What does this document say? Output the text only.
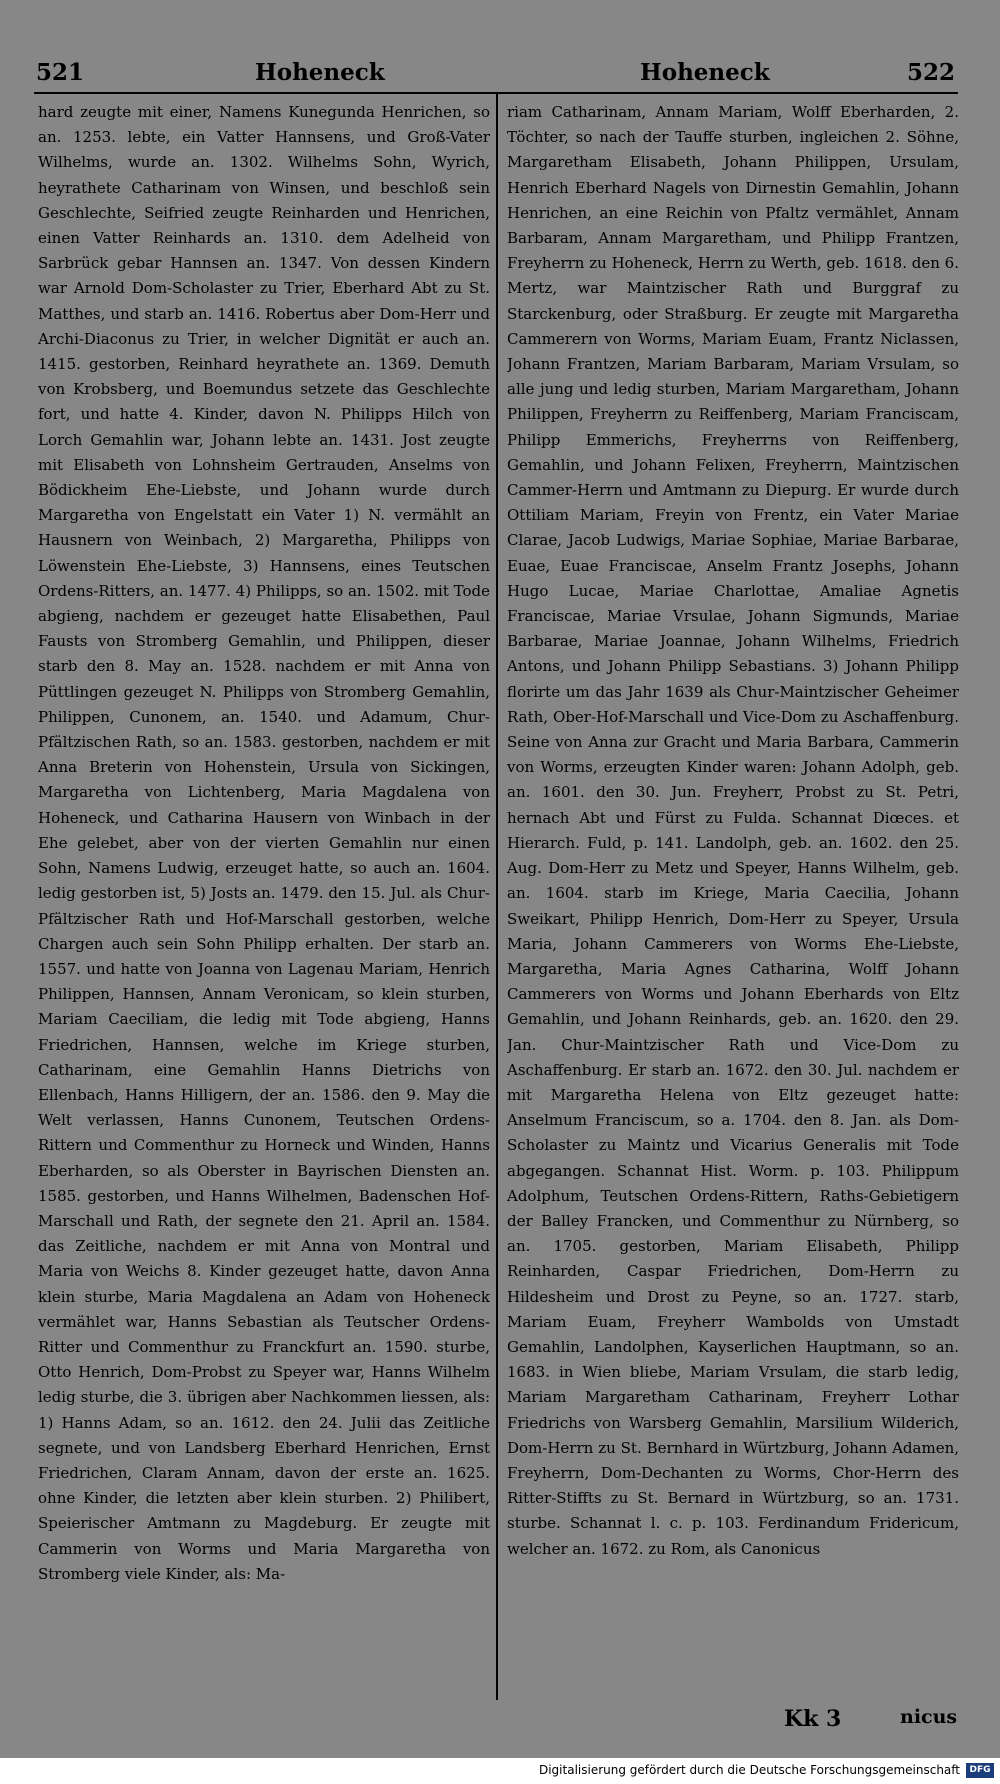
521	Hoheneck	Hoheneck	522

hard zeugte mit einer, Namens Kunegunda Henrichen, so an. 1253. lebte, ein Vatter Hannsens, und Groß-Vater Wilhelms, wurde an. 1302. Wilhelms Sohn, Wyrich, heyrathete Catharinam von Winsen, und beschloß sein Geschlechte, Seifried zeugte Reinharden und Henrichen, einen Vatter Reinhards an. 1310. dem Adelheid von Sarbrück gebar Hannsen an. 1347. Von dessen Kindern war Arnold Dom-Scholaster zu Trier, Eberhard Abt zu St. Matthes, und starb an. 1416. Robertus aber Dom-Herr und Archi-Diaconus zu Trier, in welcher Dignität er auch an. 1415. gestorben, Reinhard heyrathete an. 1369. Demuth von Krobsberg, und Boemundus setzete das Geschlechte fort, und hatte 4. Kinder, davon N. Philipps Hilch von Lorch Gemahlin war, Johann lebte an. 1431. Jost zeugte mit Elisabeth von Lohnsheim Gertrauden, Anselms von Bödickheim Ehe-Liebste, und Johann wurde durch Margaretha von Engelstatt ein Vater 1) N. vermählt an Hausnern von Weinbach, 2) Margaretha, Philipps von Löwenstein Ehe-Liebste, 3) Hannsens, eines Teutschen Ordens-Ritters, an. 1477. 4) Philipps, so an. 1502. mit Tode abgieng, nachdem er gezeuget hatte Elisabethen, Paul Fausts von Stromberg Gemahlin, und Philippen, dieser starb den 8. May an. 1528. nachdem er mit Anna von Püttlingen gezeuget N. Philipps von Stromberg Gemahlin, Philippen, Cunonem, an. 1540. und Adamum, Chur-Pfältzischen Rath, so an. 1583. gestorben, nachdem er mit Anna Breterin von Hohenstein, Ursula von Sickingen, Margaretha von Lichtenberg, Maria Magdalena von Hoheneck, und Catharina Hausern von Winbach in der Ehe gelebet, aber von der vierten Gemahlin nur einen Sohn, Namens Ludwig, erzeuget hatte, so auch an. 1604. ledig gestorben ist, 5) Josts an. 1479. den 15. Jul. als Chur-Pfältzischer Rath und Hof-Marschall gestorben, welche Chargen auch sein Sohn Philipp erhalten. Der starb an. 1557. und hatte von Joanna von Lagenau Mariam, Henrich Philippen, Hannsen, Annam Veronicam, so klein sturben, Mariam Caeciliam, die ledig mit Tode abgieng, Hanns Friedrichen, Hannsen, welche im Kriege sturben, Catharinam, eine Gemahlin Hanns Dietrichs von Ellenbach, Hanns Hilligern, der an. 1586. den 9. May die Welt verlassen, Hanns Cunonem, Teutschen Ordens-Rittern und Commenthur zu Horneck und Winden, Hanns Eberharden, so als Oberster in Bayrischen Diensten an. 1585. gestorben, und Hanns Wilhelmen, Badenschen Hof-Marschall und Rath, der segnete den 21. April an. 1584. das Zeitliche, nachdem er mit Anna von Montral und Maria von Weichs 8. Kinder gezeuget hatte, davon Anna klein sturbe, Maria Magdalena an Adam von Hoheneck vermählet war, Hanns Sebastian als Teutscher Ordens-Ritter und Commenthur zu Franckfurt an. 1590. sturbe, Otto Henrich, Dom-Probst zu Speyer war, Hanns Wilhelm ledig sturbe, die 3. übrigen aber Nachkommen liessen, als: 1) Hanns Adam, so an. 1612. den 24. Julii das Zeitliche segnete, und von Landsberg Eberhard Henrichen, Ernst Friedrichen, Claram Annam, davon der erste an. 1625. ohne Kinder, die letzten aber klein sturben. 2) Philibert, Speierischer Amtmann zu Magdeburg. Er zeugte mit Cammerin von Worms und Maria Margaretha von Stromberg viele Kinder, als: Ma-

riam Catharinam, Annam Mariam, Wolff Eberharden, 2. Töchter, so nach der Tauffe sturben, ingleichen 2. Söhne, Margaretham Elisabeth, Johann Philippen, Ursulam, Henrich Eberhard Nagels von Dirnestin Gemahlin, Johann Henrichen, an eine Reichin von Pfaltz vermählet, Annam Barbaram, Annam Margaretham, und Philipp Frantzen, Freyherrn zu Hoheneck, Herrn zu Werth, geb. 1618. den 6. Mertz, war Maintzischer Rath und Burggraf zu Starckenburg, oder Straßburg. Er zeugte mit Margaretha Cammerern von Worms, Mariam Euam, Frantz Niclassen, Johann Frantzen, Mariam Barbaram, Mariam Vrsulam, so alle jung und ledig sturben, Mariam Margaretham, Johann Philippen, Freyherrn zu Reiffenberg, Mariam Franciscam, Philipp Emmerichs, Freyherrns von Reiffenberg, Gemahlin, und Johann Felixen, Freyherrn, Maintzischen Cammer-Herrn und Amtmann zu Diepurg. Er wurde durch Ottiliam Mariam, Freyin von Frentz, ein Vater Mariae Clarae, Jacob Ludwigs, Mariae Sophiae, Mariae Barbarae, Euae, Euae Franciscae, Anselm Frantz Josephs, Johann Hugo Lucae, Mariae Charlottae, Amaliae Agnetis Franciscae, Mariae Vrsulae, Johann Sigmunds, Mariae Barbarae, Mariae Joannae, Johann Wilhelms, Friedrich Antons, und Johann Philipp Sebastians. 3) Johann Philipp florirte um das Jahr 1639 als Chur-Maintzischer Geheimer Rath, Ober-Hof-Marschall und Vice-Dom zu Aschaffenburg. Seine von Anna zur Gracht und Maria Barbara, Cammerin von Worms, erzeugten Kinder waren: Johann Adolph, geb. an. 1601. den 30. Jun. Freyherr, Probst zu St. Petri, hernach Abt und Fürst zu Fulda. Schannat Diœces. et Hierarch. Fuld, p. 141. Landolph, geb. an. 1602. den 25. Aug. Dom-Herr zu Metz und Speyer, Hanns Wilhelm, geb. an. 1604. starb im Kriege, Maria Caecilia, Johann Sweikart, Philipp Henrich, Dom-Herr zu Speyer, Ursula Maria, Johann Cammerers von Worms Ehe-Liebste, Margaretha, Maria Agnes Catharina, Wolff Johann Cammerers von Worms und Johann Eberhards von Eltz Gemahlin, und Johann Reinhards, geb. an. 1620. den 29. Jan. Chur-Maintzischer Rath und Vice-Dom zu Aschaffenburg. Er starb an. 1672. den 30. Jul. nachdem er mit Margaretha Helena von Eltz gezeuget hatte: Anselmum Franciscum, so a. 1704. den 8. Jan. als Dom-Scholaster zu Maintz und Vicarius Generalis mit Tode abgegangen. Schannat Hist. Worm. p. 103. Philippum Adolphum, Teutschen Ordens-Rittern, Raths-Gebietigern der Balley Francken, und Commenthur zu Nürnberg, so an. 1705. gestorben, Mariam Elisabeth, Philipp Reinharden, Caspar Friedrichen, Dom-Herrn zu Hildesheim und Drost zu Peyne, so an. 1727. starb, Mariam Euam, Freyherr Wambolds von Umstadt Gemahlin, Landolphen, Kayserlichen Hauptmann, so an. 1683. in Wien bliebe, Mariam Vrsulam, die starb ledig, Mariam Margaretham Catharinam, Freyherr Lothar Friedrichs von Warsberg Gemahlin, Marsilium Wilderich, Dom-Herrn zu St. Bernhard in Würtzburg, Johann Adamen, Freyherrn, Dom-Dechanten zu Worms, Chor-Herrn des Ritter-Stiffts zu St. Bernard in Würtzburg, so an. 1731. sturbe. Schannat l. c. p. 103. Ferdinandum Fridericum, welcher an. 1672. zu Rom, als Canonicus

Kk 3	nicus
Digitalisierung gefördert durch die Deutsche Forschungsgemeinschaft	DFG
